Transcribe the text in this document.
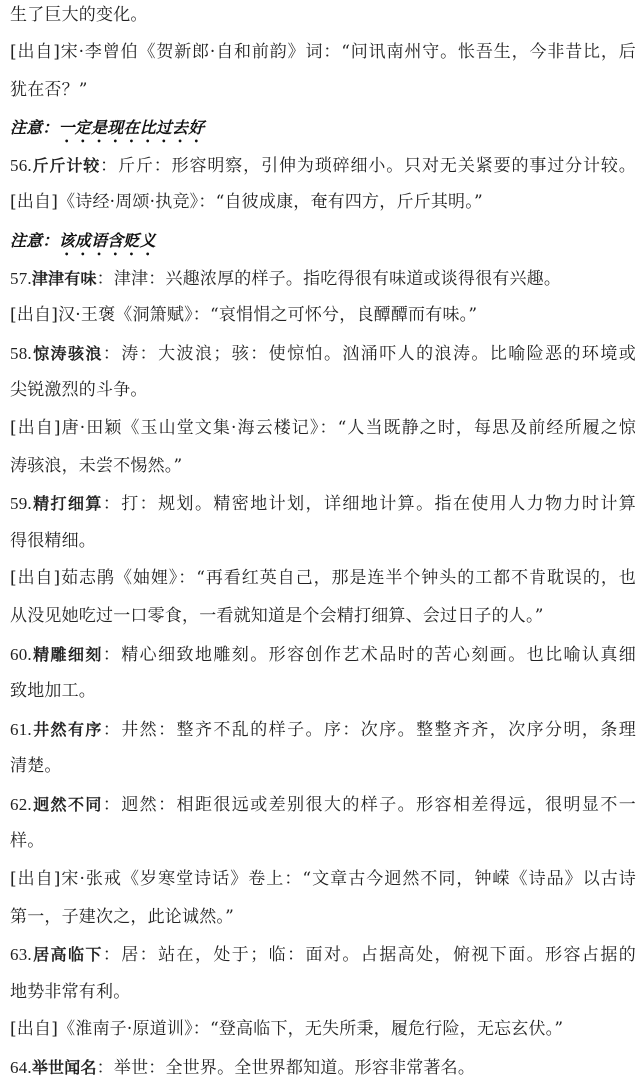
生了巨大的变化。
[出自]宋·李曾伯《贺新郎·自和前韵》词：“问讯南州守。怅吾生，今非昔比，后
犹在否？”
注意：一定是现在比过去好
56.斤斤计较：斤斤：形容明察，引伸为琐碎细小。只对无关紧要的事过分计较。
[出自]《诗经·周颂·执竞》：“自彼成康，奄有四方，斤斤其明。”
注意：该成语含贬义
57.津津有味：津津：兴趣浓厚的样子。指吃得很有味道或谈得很有兴趣。
[出自]汉·王褒《洞箫赋》：“哀悁悁之可怀兮，良醰醰而有味。”
58.惊涛骇浪：涛：大波浪；骇：使惊怕。汹涌吓人的浪涛。比喻险恶的环境或
尖锐激烈的斗争。
[出自]唐·田颖《玉山堂文集·海云楼记》：“人当既静之时，每思及前经所履之惊
涛骇浪，未尝不惕然。”
59.精打细算：打：规划。精密地计划，详细地计算。指在使用人力物力时计算
得很精细。
[出自]茹志鹃《妯娌》：“再看红英自己，那是连半个钟头的工都不肯耽误的，也
从没见她吃过一口零食，一看就知道是个会精打细算、会过日子的人。”
60.精雕细刻：精心细致地雕刻。形容创作艺术品时的苦心刻画。也比喻认真细
致地加工。
61.井然有序：井然：整齐不乱的样子。序：次序。整整齐齐，次序分明，条理
清楚。
62.迥然不同：迥然：相距很远或差别很大的样子。形容相差得远，很明显不一
样。
[出自]宋·张戒《岁寒堂诗话》卷上：“文章古今迥然不同，钟嵘《诗品》以古诗
第一，子建次之，此论诚然。”
63.居高临下：居：站在，处于；临：面对。占据高处，俯视下面。形容占据的
地势非常有利。
[出自]《淮南子·原道训》：“登高临下，无失所秉，履危行险，无忘玄伏。”
64.举世闻名：举世：全世界。全世界都知道。形容非常著名。
